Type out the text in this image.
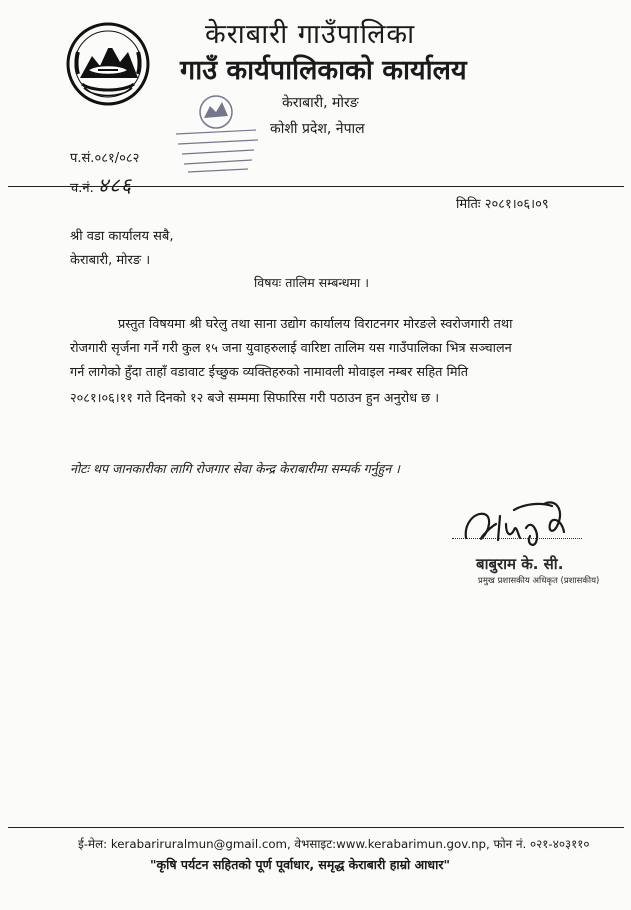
केराबारी गाउँपालिका
गाउँ कार्यपालिकाको कार्यालय
केराबारी, मोरङ
कोशी प्रदेश, नेपाल
प.सं.०८१/०८२
च.नं. ४८६
मितिः २०८१।०६।०९
श्री वडा कार्यालय सबै,
केराबारी, मोरङ ।
विषयः तालिम सम्बन्धमा ।
प्रस्तुत विषयमा श्री घरेलु तथा साना उद्योग कार्यालय विराटनगर मोरङले स्वरोजगारी तथा
रोजगारी सृर्जना गर्ने गरी कुल १५ जना युवाहरुलाई वारिष्टा तालिम यस गाउँपालिका भित्र सञ्चालन
गर्न लागेको हुँदा ताहाँ वडावाट ईच्छुक व्यक्तिहरुको नामावली मोवाइल नम्बर सहित मिति
२०८१।०६।११ गते दिनको १२ बजे सम्ममा सिफारिस गरी पठाउन हुन अनुरोध छ ।
नोटः थप जानकारीका लागि रोजगार सेवा केन्द्र केराबारीमा सम्पर्क गर्नुहुन ।
बाबुराम के. सी.
प्रमुख प्रशासकीय अधिकृत (प्रशासकीय)
ई-मेल: kerabariruralmun@gmail.com, वेभसाइट:www.kerabarimun.gov.np, फोन नं. ०२१-४०३११०
"कृषि पर्यटन सहितको पूर्ण पूर्वाधार, समृद्ध केराबारी हाम्रो आधार"
